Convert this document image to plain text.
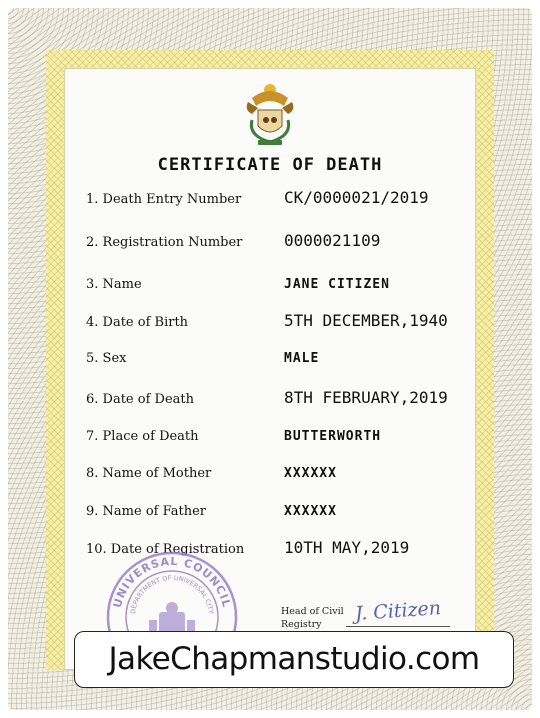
CERTIFICATE OF DEATH
1. Death Entry Number	CK/0000021/2019
2. Registration Number	0000021109
3. Name	JANE CITIZEN
4. Date of Birth	5TH DECEMBER,1940
5. Sex	MALE
6. Date of Death	8TH FEBRUARY,2019
7. Place of Death	BUTTERWORTH
8. Name of Mother	XXXXXX
9. Name of Father	XXXXXX
10. Date of Registration 10TH MAY,2019
UNIVERSAL COUNCIL
DEPARTMENT OF UNIVERSAL CITY	Head of Civil
Registry	J. Citizen
JakeChapmanstudio.com
